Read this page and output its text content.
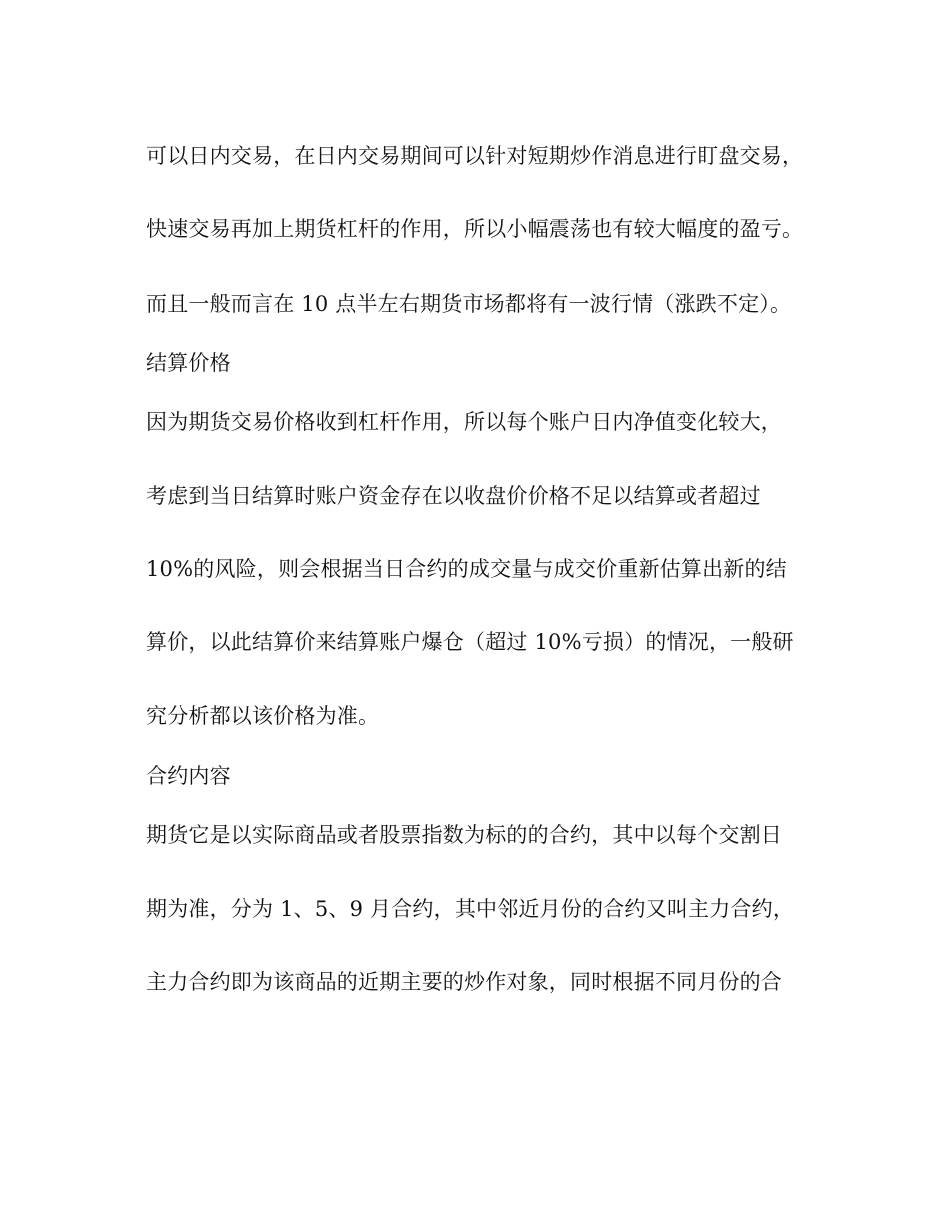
可以日内交易，在日内交易期间可以针对短期炒作消息进行盯盘交易，
快速交易再加上期货杠杆的作用，所以小幅震荡也有较大幅度的盈亏。
而且一般而言在 10 点半左右期货市场都将有一波行情（涨跌不定）。
结算价格
因为期货交易价格收到杠杆作用，所以每个账户日内净值变化较大，
考虑到当日结算时账户资金存在以收盘价价格不足以结算或者超过
10%的风险，则会根据当日合约的成交量与成交价重新估算出新的结
算价，以此结算价来结算账户爆仓（超过 10%亏损）的情况，一般研
究分析都以该价格为准。
合约内容
期货它是以实际商品或者股票指数为标的的合约，其中以每个交割日
期为准，分为 1、5、9 月合约，其中邻近月份的合约又叫主力合约，
主力合约即为该商品的近期主要的炒作对象，同时根据不同月份的合
